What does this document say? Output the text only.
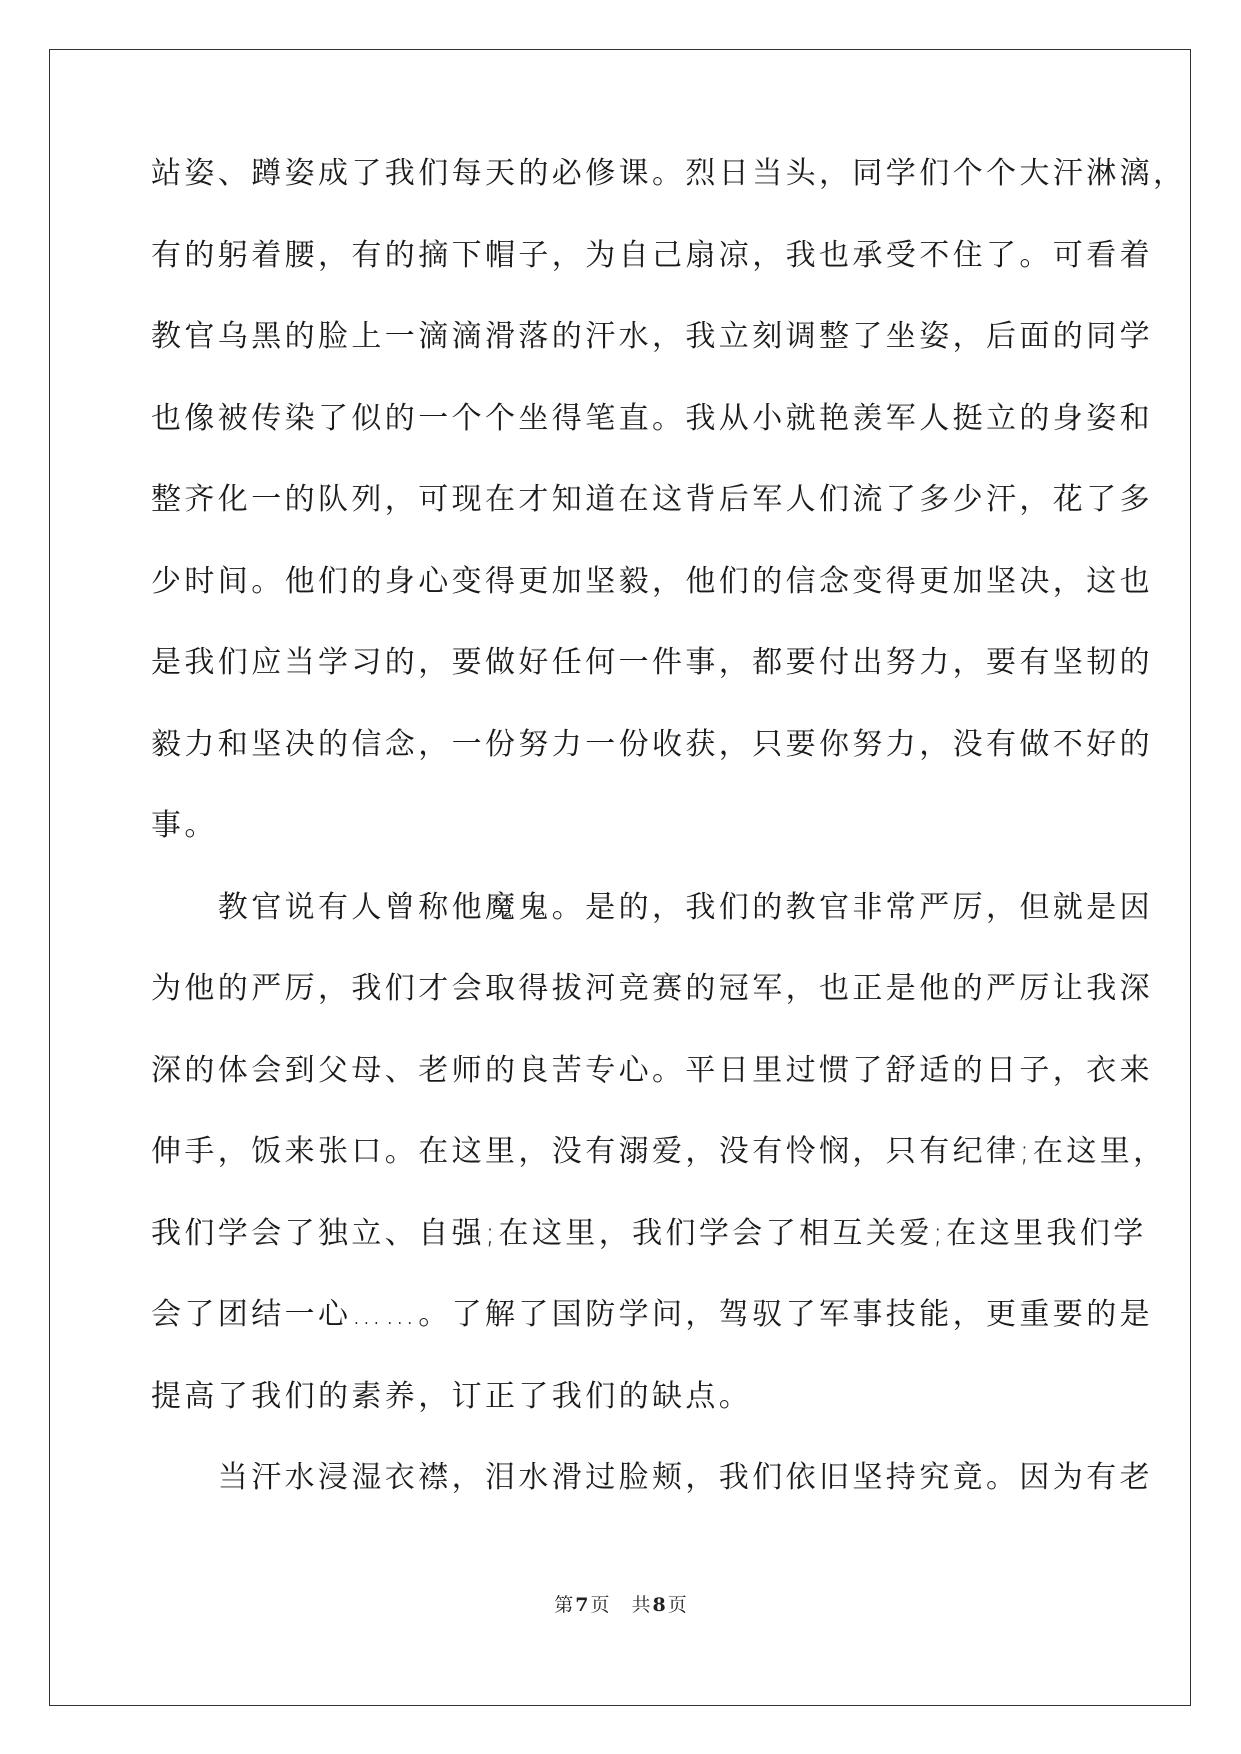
站姿、蹲姿成了我们每天的必修课。烈日当头，同学们个个大汗淋漓，
有的躬着腰，有的摘下帽子，为自己扇凉，我也承受不住了。可看着
教官乌黑的脸上一滴滴滑落的汗水，我立刻调整了坐姿，后面的同学
也像被传染了似的一个个坐得笔直。我从小就艳羡军人挺立的身姿和
整齐化一的队列，可现在才知道在这背后军人们流了多少汗，花了多
少时间。他们的身心变得更加坚毅，他们的信念变得更加坚决，这也
是我们应当学习的，要做好任何一件事，都要付出努力，要有坚韧的
毅力和坚决的信念，一份努力一份收获，只要你努力，没有做不好的
事。
　　教官说有人曾称他魔鬼。是的，我们的教官非常严厉，但就是因
为他的严厉，我们才会取得拔河竞赛的冠军，也正是他的严厉让我深
深的体会到父母、老师的良苦专心。平日里过惯了舒适的日子，衣来
伸手，饭来张口。在这里，没有溺爱，没有怜悯，只有纪律;在这里，
我们学会了独立、自强;在这里，我们学会了相互关爱;在这里我们学
会了团结一心……。了解了国防学问，驾驭了军事技能，更重要的是
提高了我们的素养，订正了我们的缺点。
　　当汗水浸湿衣襟，泪水滑过脸颊，我们依旧坚持究竟。因为有老
第 7 页 共 8 页
